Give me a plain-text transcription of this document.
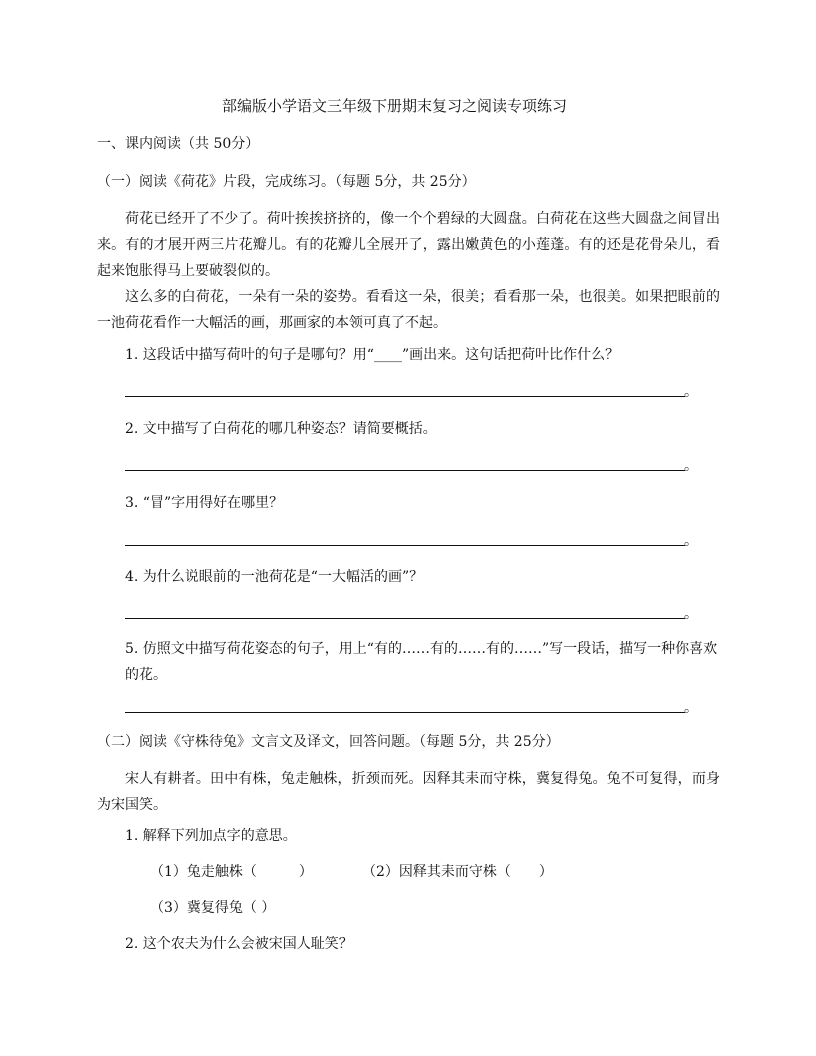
部编版小学语文三年级下册期末复习之阅读专项练习
一、课内阅读（共 50分）
（一）阅读《荷花》片段，完成练习。（每题 5分，共 25分）
荷花已经开了不少了。荷叶挨挨挤挤的，像一个个碧绿的大圆盘。白荷花在这些大圆盘之间冒出来。有的才展开两三片花瓣儿。有的花瓣儿全展开了，露出嫩黄色的小莲蓬。有的还是花骨朵儿，看起来饱胀得马上要破裂似的。
这么多的白荷花，一朵有一朵的姿势。看看这一朵，很美；看看那一朵，也很美。如果把眼前的一池荷花看作一大幅活的画，那画家的本领可真了不起。
1. 这段话中描写荷叶的句子是哪句？用“____”画出来。这句话把荷叶比作什么？
。
2. 文中描写了白荷花的哪几种姿态？请简要概括。
。
3. “冒”字用得好在哪里？
。
4. 为什么说眼前的一池荷花是“一大幅活的画”？
。
5. 仿照文中描写荷花姿态的句子，用上“有的……有的……有的……”写一段话，描写一种你喜欢的花。
。
（二）阅读《守株待兔》文言文及译文，回答问题。（每题 5分，共 25分）
宋人有耕者。田中有株，兔走触株，折颈而死。因释其耒而守株，冀复得兔。兔不可复得，而身为宋国笑。
1. 解释下列加点字的意思。
（1）兔走触株（　　　）	（2）因释其耒而守株（　　）
（3）冀复得兔（ ）
2. 这个农夫为什么会被宋国人耻笑？
